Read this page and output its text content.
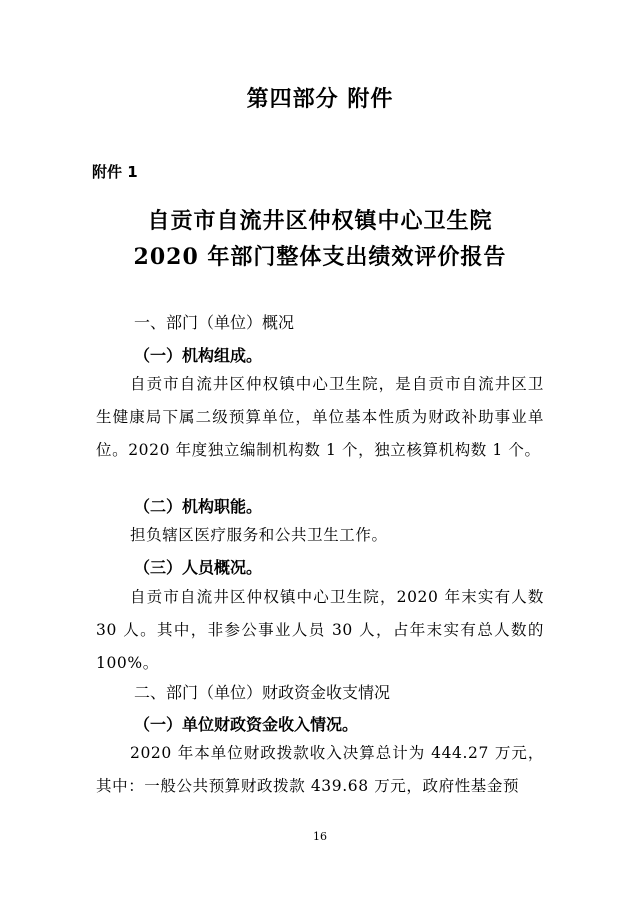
第四部分 附件
附件 1
自贡市自流井区仲权镇中心卫生院
2020 年部门整体支出绩效评价报告
一、部门（单位）概况
（一）机构组成。
自贡市自流井区仲权镇中心卫生院，是自贡市自流井区卫生健康局下属二级预算单位，单位基本性质为财政补助事业单位。2020 年度独立编制机构数 1 个，独立核算机构数 1 个。
（二）机构职能。
担负辖区医疗服务和公共卫生工作。
（三）人员概况。
自贡市自流井区仲权镇中心卫生院，2020 年末实有人数 30 人。其中，非参公事业人员 30 人，占年末实有总人数的 100%。
二、部门（单位）财政资金收支情况
（一）单位财政资金收入情况。
2020 年本单位财政拨款收入决算总计为 444.27 万元，其中：一般公共预算财政拨款 439.68 万元，政府性基金预
16
